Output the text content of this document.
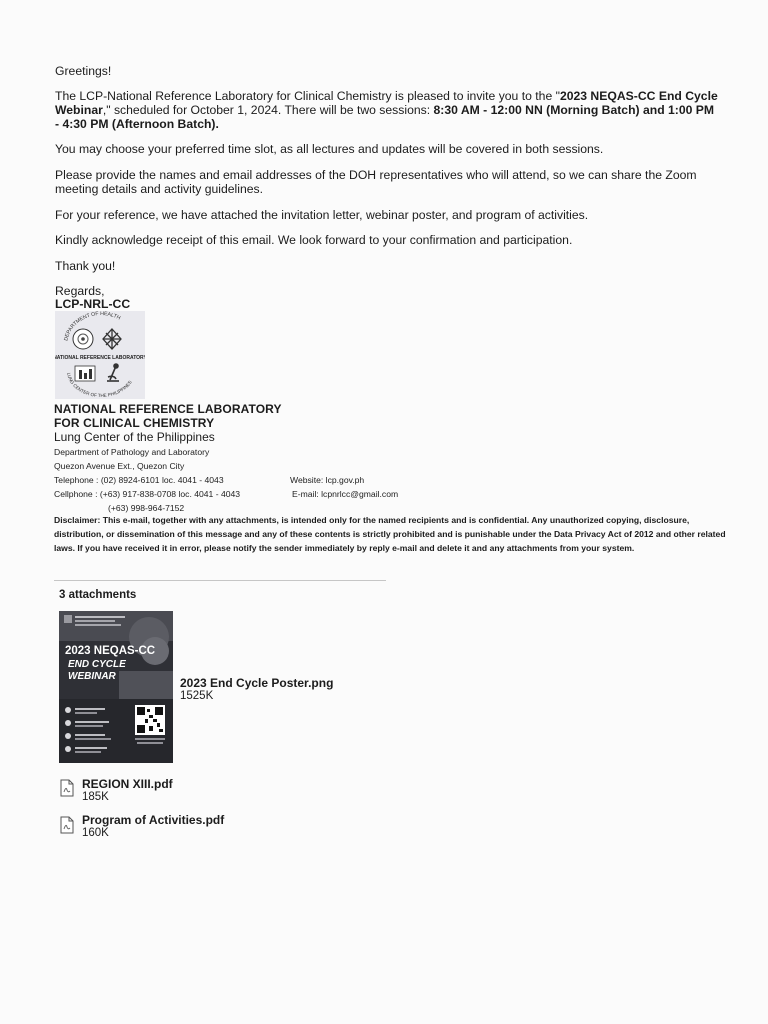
Greetings!

The LCP-National Reference Laboratory for Clinical Chemistry is pleased to invite you to the "2023 NEQAS-CC End Cycle Webinar," scheduled for October 1, 2024. There will be two sessions: 8:30 AM - 12:00 NN (Morning Batch) and 1:00 PM - 4:30 PM (Afternoon Batch).

You may choose your preferred time slot, as all lectures and updates will be covered in both sessions.
Please provide the names and email addresses of the DOH representatives who will attend, so we can share the Zoom meeting details and activity guidelines.
For your reference, we have attached the invitation letter, webinar poster, and program of activities.
Kindly acknowledge receipt of this email. We look forward to your confirmation and participation.
Thank you!
Regards,
LCP-NRL-CC
DEPARTMENT OF HEALTH
NATIONAL REFERENCE LABORATORY
LUNG CENTER OF THE PHILIPPINES
NATIONAL REFERENCE LABORATORY
FOR CLINICAL CHEMISTRY
Lung Center of the Philippines
Department of Pathology and Laboratory
Quezon Avenue Ext., Quezon City
Telephone : (02) 8924-6101 loc. 4041 - 4043	Website: lcp.gov.ph
Cellphone : (+63) 917-838-0708 loc. 4041 - 4043	E-mail: lcpnrlcc@gmail.com
(+63) 998-964-7152
Disclaimer: This e-mail, together with any attachments, is intended only for the named recipients and is confidential. Any unauthorized copying, disclosure, distribution, or dissemination of this message and any of these contents is strictly prohibited and is punishable under the Data Privacy Act of 2012 and other related laws. If you have received it in error, please notify the sender immediately by reply e-mail and delete it and any attachments from your system.
3 attachments
2023 NEQAS-CC
END CYCLE
WEBINAR	2023 End Cycle Poster.png
1525K
REGION XIII.pdf
185K
Program of Activities.pdf
160K
